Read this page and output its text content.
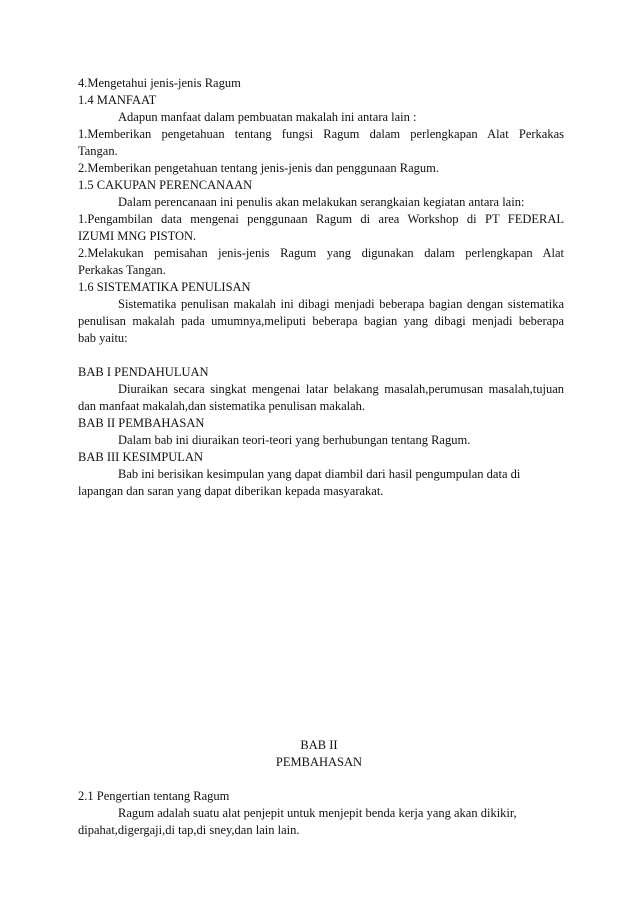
4.Mengetahui jenis-jenis Ragum
1.4 MANFAAT
Adapun manfaat dalam pembuatan makalah ini antara lain :
1.Memberikan pengetahuan tentang fungsi Ragum dalam perlengkapan Alat Perkakas
Tangan.
2.Memberikan pengetahuan tentang jenis-jenis dan penggunaan Ragum.
1.5 CAKUPAN PERENCANAAN
Dalam perencanaan ini penulis akan melakukan serangkaian kegiatan antara lain:
1.Pengambilan data mengenai penggunaan Ragum di area Workshop di PT FEDERAL
IZUMI MNG PISTON.
2.Melakukan pemisahan jenis-jenis Ragum yang digunakan dalam perlengkapan Alat
Perkakas Tangan.
1.6 SISTEMATIKA PENULISAN
Sistematika penulisan makalah ini dibagi menjadi beberapa bagian dengan sistematika
penulisan makalah pada umumnya,meliputi beberapa bagian yang dibagi menjadi beberapa
bab yaitu:
BAB I PENDAHULUAN
Diuraikan secara singkat mengenai latar belakang masalah,perumusan masalah,tujuan
dan manfaat makalah,dan sistematika penulisan makalah.
BAB II PEMBAHASAN
Dalam bab ini diuraikan teori-teori yang berhubungan tentang Ragum.
BAB III KESIMPULAN
Bab ini berisikan kesimpulan yang dapat diambil dari hasil pengumpulan data di
lapangan dan saran yang dapat diberikan kepada masyarakat.
BAB II
PEMBAHASAN
2.1 Pengertian tentang Ragum
Ragum adalah suatu alat penjepit untuk menjepit benda kerja yang akan dikikir,
dipahat,digergaji,di tap,di sney,dan lain lain.
